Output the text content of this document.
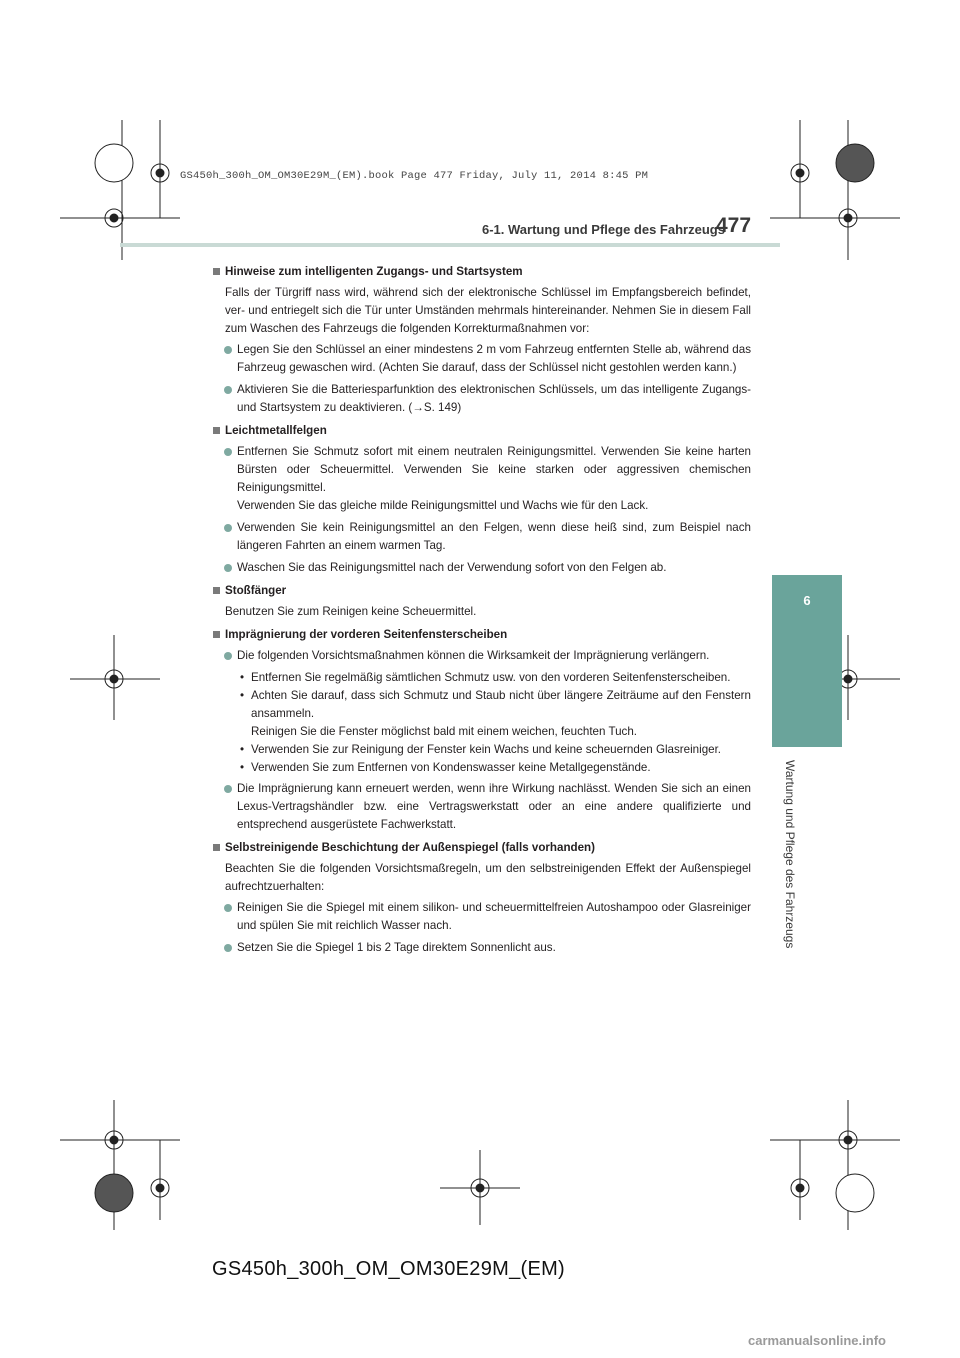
GS450h_300h_OM_OM30E29M_(EM).book Page 477 Friday, July 11, 2014 8:45 PM
6-1. Wartung und Pflege des Fahrzeugs
477
6
Wartung und Pflege des Fahrzeugs

Hinweise zum intelligenten Zugangs- und Startsystem

Falls der Türgriff nass wird, während sich der elektronische Schlüssel im Empfangsbereich befindet, ver- und entriegelt sich die Tür unter Umständen mehrmals hintereinander. Nehmen Sie in diesem Fall zum Waschen des Fahrzeugs die folgenden Korrekturmaßnahmen vor:

Legen Sie den Schlüssel an einer mindestens 2 m vom Fahrzeug entfernten Stelle ab, während das Fahrzeug gewaschen wird. (Achten Sie darauf, dass der Schlüssel nicht gestohlen werden kann.)

Aktivieren Sie die Batteriesparfunktion des elektronischen Schlüssels, um das intelligente Zugangs- und Startsystem zu deaktivieren. (→S. 149)

Leichtmetallfelgen

Entfernen Sie Schmutz sofort mit einem neutralen Reinigungsmittel. Verwenden Sie keine harten Bürsten oder Scheuermittel. Verwenden Sie keine starken oder aggressiven chemischen Reinigungsmittel.
Verwenden Sie das gleiche milde Reinigungsmittel und Wachs wie für den Lack.

Verwenden Sie kein Reinigungsmittel an den Felgen, wenn diese heiß sind, zum Beispiel nach längeren Fahrten an einem warmen Tag.

Waschen Sie das Reinigungsmittel nach der Verwendung sofort von den Felgen ab.

Stoßfänger

Benutzen Sie zum Reinigen keine Scheuermittel.

Imprägnierung der vorderen Seitenfensterscheiben

Die folgenden Vorsichtsmaßnahmen können die Wirksamkeit der Imprägnierung verlängern.

• Entfernen Sie regelmäßig sämtlichen Schmutz usw. von den vorderen Seitenfensterscheiben.

• Achten Sie darauf, dass sich Schmutz und Staub nicht über längere Zeiträume auf den Fenstern ansammeln.
Reinigen Sie die Fenster möglichst bald mit einem weichen, feuchten Tuch.

• Verwenden Sie zur Reinigung der Fenster kein Wachs und keine scheuernden Glasreiniger.

• Verwenden Sie zum Entfernen von Kondenswasser keine Metallgegenstände.

Die Imprägnierung kann erneuert werden, wenn ihre Wirkung nachlässt. Wenden Sie sich an einen Lexus-Vertragshändler bzw. eine Vertragswerkstatt oder an eine andere qualifizierte und entsprechend ausgerüstete Fachwerkstatt.

Selbstreinigende Beschichtung der Außenspiegel (falls vorhanden)

Beachten Sie die folgenden Vorsichtsmaßregeln, um den selbstreinigenden Effekt der Außenspiegel aufrechtzuerhalten:

Reinigen Sie die Spiegel mit einem silikon- und scheuermittelfreien Autoshampoo oder Glasreiniger und spülen Sie mit reichlich Wasser nach.

Setzen Sie die Spiegel 1 bis 2 Tage direktem Sonnenlicht aus.

GS450h_300h_OM_OM30E29M_(EM)
carmanualsonline.info
